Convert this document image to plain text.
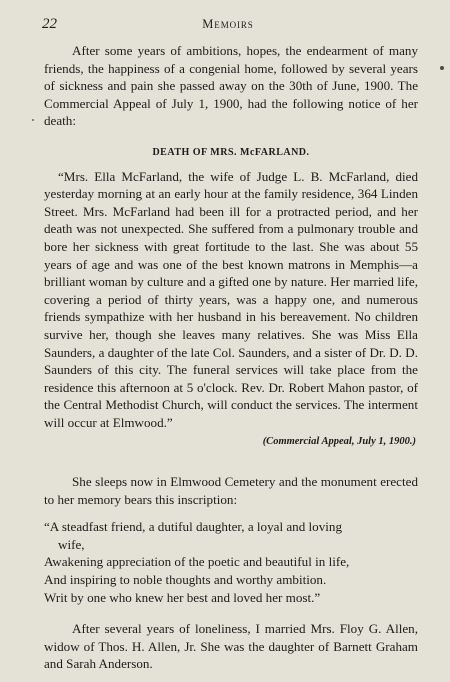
22	Memoirs

After some years of ambitions, hopes, the endearment of many friends, the happiness of a congenial home, followed by several years of sickness and pain she passed away on the 30th of June, 1900. The Commercial Appeal of July 1, 1900, had the following notice of her death:

DEATH OF MRS. McFARLAND.

“Mrs. Ella McFarland, the wife of Judge L. B. McFarland, died yesterday morning at an early hour at the family residence, 364 Linden Street. Mrs. McFarland had been ill for a protracted period, and her death was not unexpected. She suffered from a pulmonary trouble and bore her sickness with great fortitude to the last. She was about 55 years of age and was one of the best known matrons in Memphis—a brilliant woman by culture and a gifted one by nature. Her married life, covering a period of thirty years, was a happy one, and numerous friends sympathize with her husband in his bereavement. No children survive her, though she leaves many relatives. She was Miss Ella Saunders, a daughter of the late Col. Saunders, and a sister of Dr. D. D. Saunders of this city. The funeral services will take place from the residence this afternoon at 5 o'clock. Rev. Dr. Robert Mahon pastor, of the Central Methodist Church, will conduct the services. The interment will occur at Elmwood.”

(Commercial Appeal, July 1, 1900.)

She sleeps now in Elmwood Cemetery and the monument erected to her memory bears this inscription:

“A steadfast friend, a dutiful daughter, a loyal and loving
wife,
Awakening appreciation of the poetic and beautiful in life,
And inspiring to noble thoughts and worthy ambition.
Writ by one who knew her best and loved her most.”

After several years of loneliness, I married Mrs. Floy G. Allen, widow of Thos. H. Allen, Jr. She was the daughter of Barnett Graham and Sarah Anderson.
